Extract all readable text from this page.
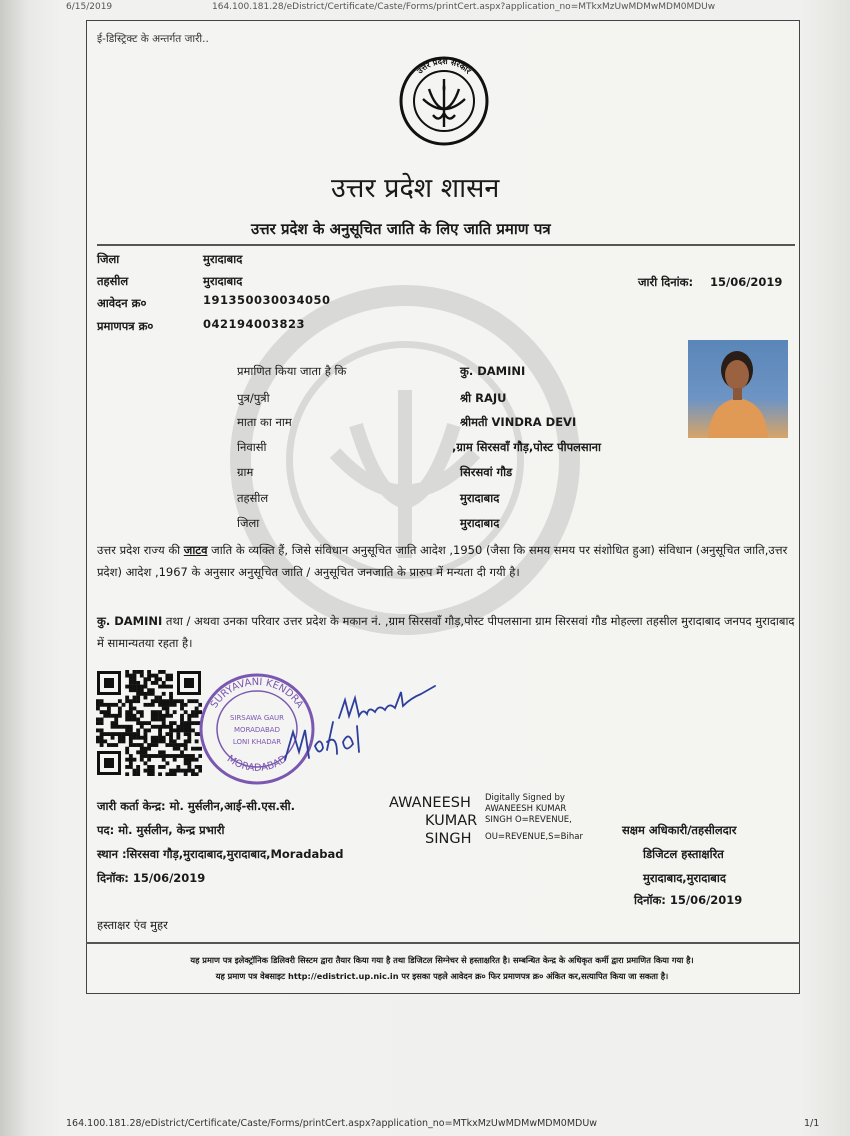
6/15/2019	164.100.181.28/eDistrict/Certificate/Caste/Forms/printCert.aspx?application_no=MTkxMzUwMDMwMDM0MDUw
ई-डिस्ट्रिक्ट के अन्तर्गत जारी..
उत्तर प्रदेश सरकार
उत्तर प्रदेश शासन
उत्तर प्रदेश के अनुसूचित जाति के लिए जाति प्रमाण पत्र
जिला	मुरादाबाद
तहसील	मुरादाबाद
आवेदन क्र०	191350030034050
प्रमाणपत्र क्र०	042194003823
जारी दिनांक: 15/06/2019
प्रमाणित किया जाता है कि	कु. DAMINI
पुत्र/पुत्री	श्री RAJU
माता का नाम	श्रीमती VINDRA DEVI
निवासी	,ग्राम सिरसवाँ गौड़,पोस्ट पीपलसाना
ग्राम	सिरसवां गौड
तहसील	मुरादाबाद
जिला	मुरादाबाद
उत्तर प्रदेश राज्य की जाटव जाति के व्यक्ति हैं, जिसे संविधान अनुसूचित जाति आदेश ,1950 (जैसा कि समय समय पर संशोधित हुआ) संविधान (अनुसूचित जाति,उत्तर प्रदेश) आदेश ,1967 के अनुसार अनुसूचित जाति / अनुसूचित जनजाति के प्रारुप में मन्यता दी गयी है।
कु. DAMINI तथा / अथवा उनका परिवार उत्तर प्रदेश के मकान नं. ,ग्राम सिरसवाँ गौड़,पोस्ट पीपलसाना ग्राम सिरसवां गौड मोहल्ला तहसील मुरादाबाद जनपद मुरादाबाद में सामान्यतया रहता है।
SURYAVANI KENDRA
MORADABAD
SIRSAWA GAUR
MORADABAD
LONI KHADAR
जारी कर्ता केन्द्र: मो. मुर्सलीन,आई-सी.एस.सी.
पद: मो. मुर्सलीन, केन्द्र प्रभारी
स्थान :सिरसवा गौड़,मुरादाबाद,मुरादाबाद,Moradabad
दिनॉक: 15/06/2019
हस्ताक्षर एंव मुहर
AWANEESH
KUMAR
SINGH
Digitally Signed by
AWANEESH KUMAR
SINGH O=REVENUE,
OU=REVENUE,S=Bihar	सक्षम अधिकारी/तहसीलदार
डिजिटल हस्ताक्षरित
मुरादाबाद,मुरादाबाद
दिनॉक: 15/06/2019
यह प्रमाण पत्र इलेक्ट्रॉनिक डिलिवरी सिस्टम द्वारा तैयार किया गया है तथा डिजिटल सिग्नेचर से हस्ताक्षरित है। सम्बन्धित केन्द्र के अधिकृत कर्मी द्वारा प्रमाणित किया गया है।
यह प्रमाण पत्र वेबसाइट http://edistrict.up.nic.in पर इसका पहले आवेदन क्र० फिर प्रमाणपत्र क्र० अंकित कर,सत्यापित किया जा सकता है।
164.100.181.28/eDistrict/Certificate/Caste/Forms/printCert.aspx?application_no=MTkxMzUwMDMwMDM0MDUw	1/1
